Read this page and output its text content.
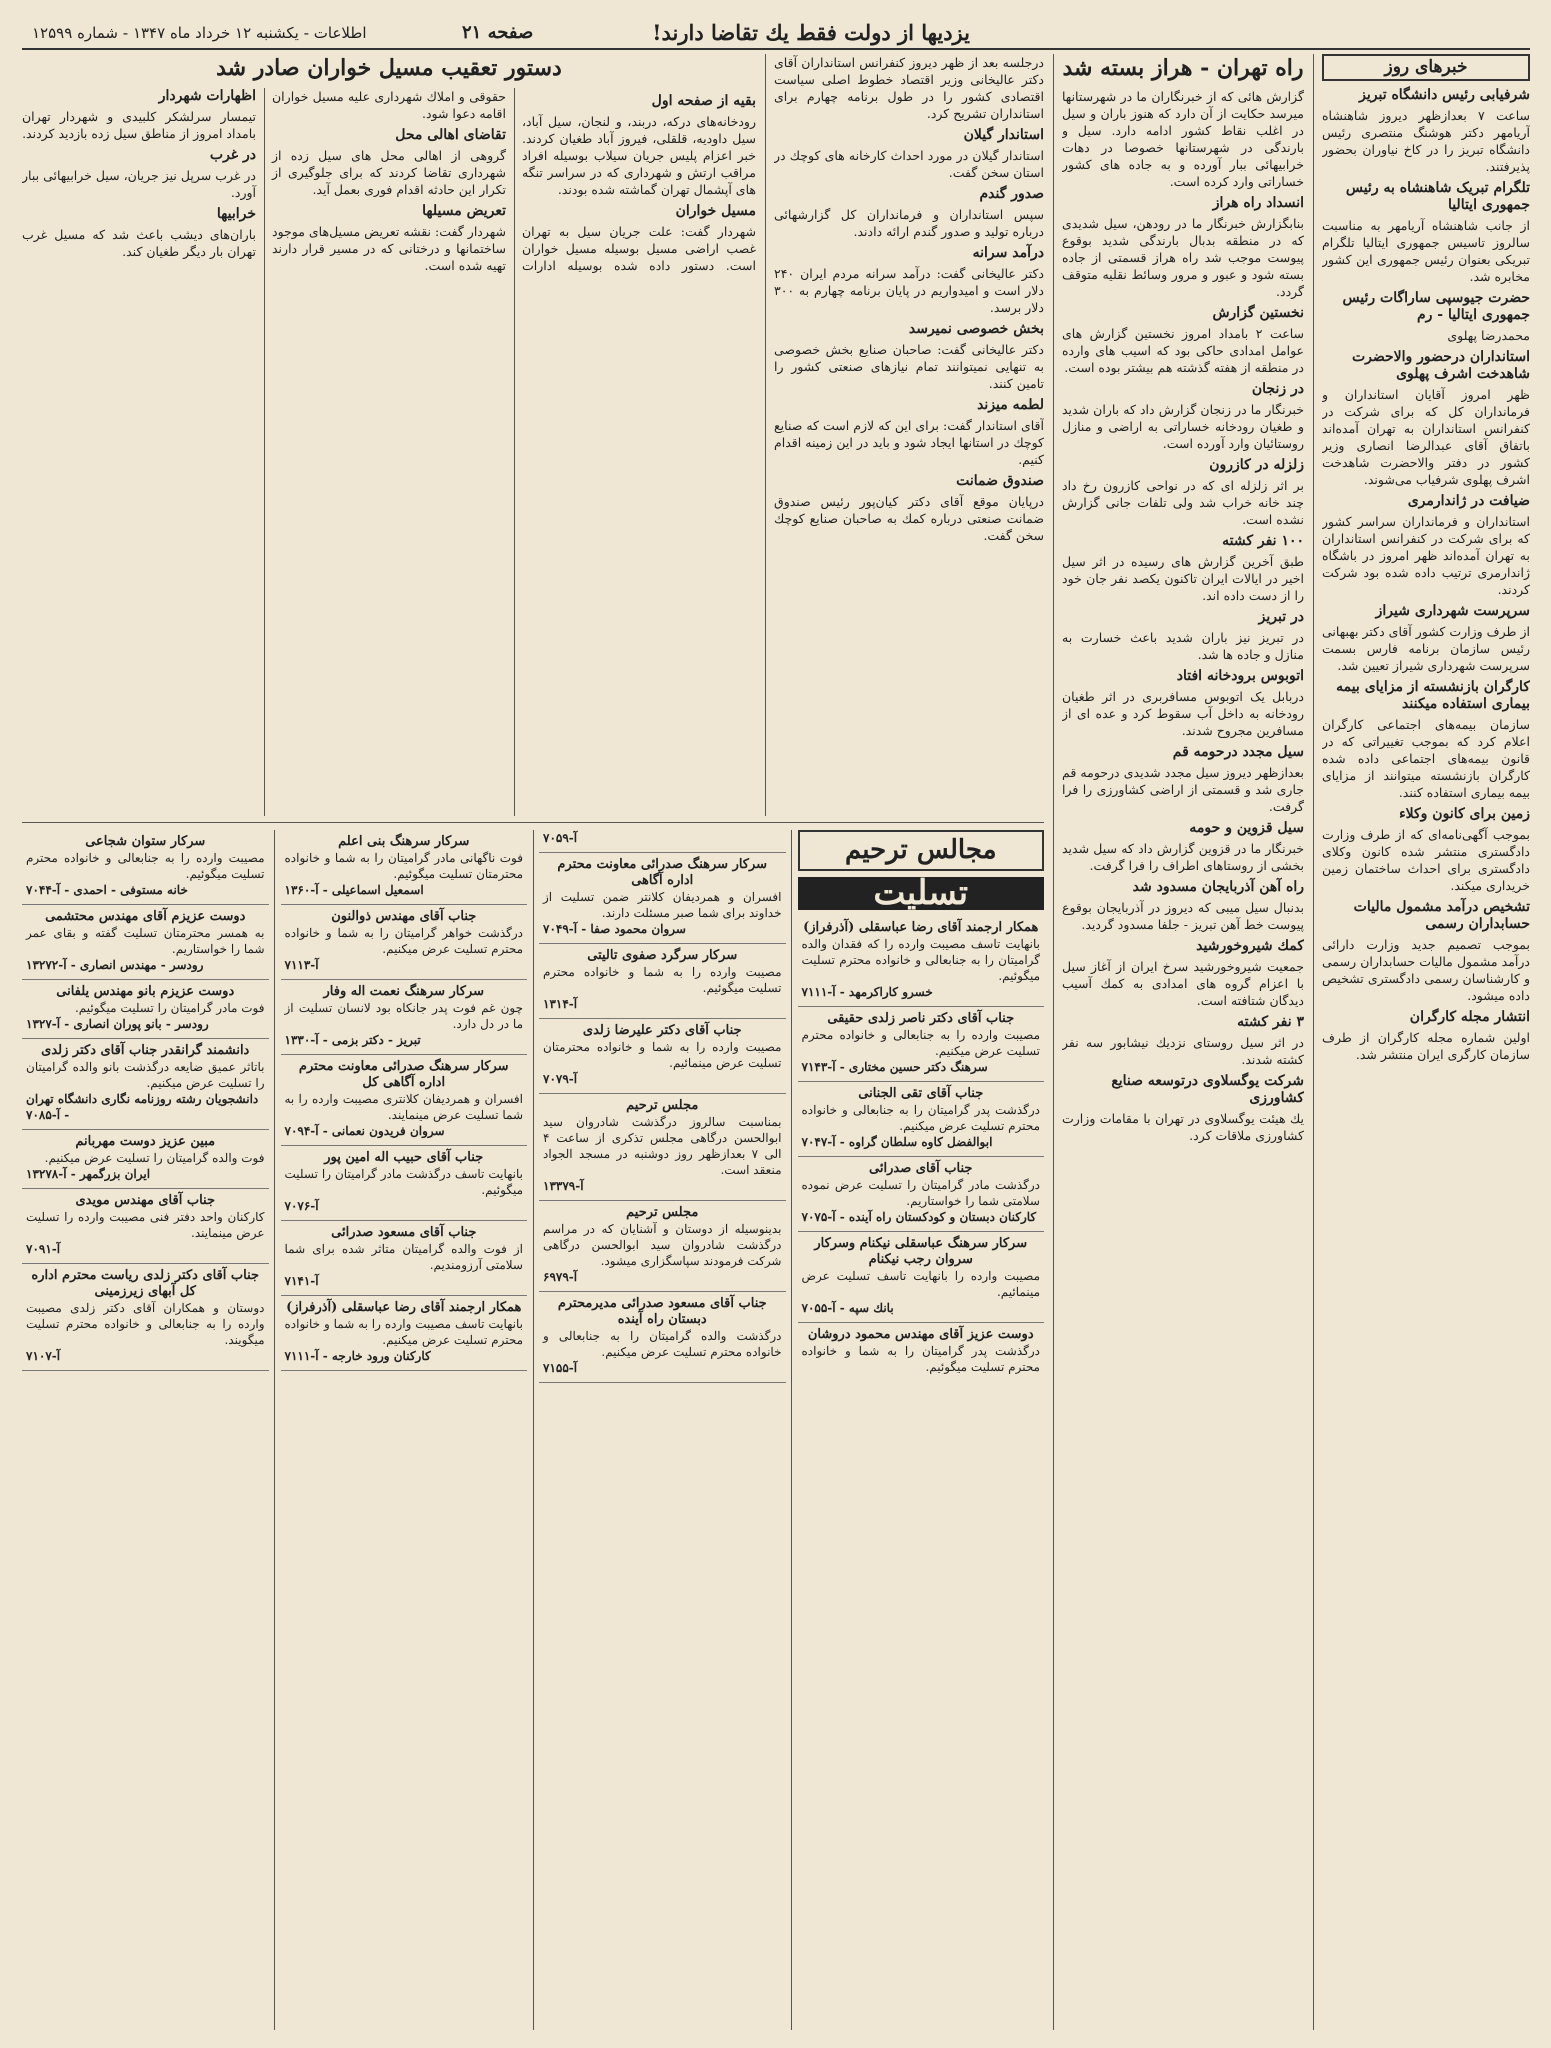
اطلاعات - یکشنبه ۱۲ خرداد ماه ۱۳۴۷ - شماره ۱۲۵۹۹	صفحه ۲۱	یزدیها از دولت فقط یك تقاضا دارند!
خبرهای روز
شرفیابی رئیس دانشگاه تبریز

ساعت ۷ بعدازظهر دیروز شاهنشاه آریامهر دکتر هوشنگ منتصری رئیس دانشگاه تبریز را در کاخ نیاوران بحضور پذیرفتند.

تلگرام تبریک شاهنشاه به رئیس جمهوری ایتالیا

از جانب شاهنشاه آریامهر به مناسبت سالروز تاسیس جمهوری ایتالیا تلگرام تبریکی بعنوان رئیس جمهوری این کشور مخابره شد.

حضرت جیوسپی ساراگات رئیس جمهوری ایتالیا - رم

محمدرضا پهلوی

استانداران درحضور والاحضرت شاهدخت اشرف پهلوی

ظهر امروز آقایان استانداران و فرمانداران کل که برای شرکت در کنفرانس استانداران به تهران آمده‌اند باتفاق آقای عبدالرضا انصاری وزیر کشور در دفتر والاحضرت شاهدخت اشرف پهلوی شرفیاب می‌شوند.

ضیافت در ژاندارمری

استانداران و فرمانداران سراسر کشور که برای شرکت در کنفرانس استانداران به تهران آمده‌اند ظهر امروز در باشگاه ژاندارمری ترتیب داده شده بود شرکت کردند.

سرپرست شهرداری شیراز

از طرف وزارت کشور آقای دکتر بهبهانی رئیس سازمان برنامه فارس بسمت سرپرست شهرداری شیراز تعیین شد.

کارگران بازنشسته از مزایای بیمه بیماری استفاده میکنند

سازمان بیمه‌های اجتماعی کارگران اعلام کرد که بموجب تغییراتی که در قانون بیمه‌های اجتماعی داده شده کارگران بازنشسته میتوانند از مزایای بیمه بیماری استفاده کنند.

زمین برای کانون وکلاء

بموجب آگهی‌نامه‌ای که از طرف وزارت دادگستری منتشر شده کانون وکلای دادگستری برای احداث ساختمان زمین خریداری میکند.

تشخیص درآمد مشمول مالیات حسابداران رسمی

بموجب تصمیم جدید وزارت دارائی درآمد مشمول مالیات حسابداران رسمی و کارشناسان رسمی دادگستری تشخیص داده میشود.

انتشار مجله کارگران

اولین شماره مجله کارگران از طرف سازمان کارگری ایران منتشر شد.

راه تهران - هراز بسته شد

گزارش هائی که از خبرنگاران ما در شهرستانها میرسد حکایت از آن دارد که هنوز باران و سیل در اغلب نقاط کشور ادامه دارد. سیل و بارندگی در شهرستانها خصوصا در دهات خرابیهائی ببار آورده و به جاده های کشور خساراتی وارد کرده است.

انسداد راه هراز

بنابگزارش خبرنگار ما در رودهن، سیل شدیدی که در منطقه بدبال بارندگی شدید بوقوع پیوست موجب شد راه هراز قسمتی از جاده بسته شود و عبور و مرور وسائط نقلیه متوقف گردد.

نخستین گزارش

ساعت ۲ بامداد امروز نخستین گزارش های عوامل امدادی حاکی بود که اسیب های وارده در منطقه از هفته گذشته هم بیشتر بوده است.

در زنجان

خبرنگار ما در زنجان گزارش داد که باران شدید و طغیان رودخانه خساراتی به اراضی و منازل روستائیان وارد آورده است.

زلزله در کازرون

بر اثر زلزله ای که در نواحی کازرون رخ داد چند خانه خراب شد ولی تلفات جانی گزارش نشده است.

۱۰۰ نفر کشته

طبق آخرین گزارش های رسیده در اثر سیل اخیر در ایالات ایران تاکنون یکصد نفر جان خود را از دست داده اند.

در تبریز

در تبریز نیز باران شدید باعث خسارت به منازل و جاده ها شد.

اتوبوس برودخانه افتاد

دربابل یک اتوبوس مسافربری در اثر طغیان رودخانه به داخل آب سقوط کرد و عده ای از مسافرین مجروح شدند.

سیل مجدد درحومه قم

بعدازظهر دیروز سیل مجدد شدیدی درحومه قم جاری شد و قسمتی از اراضی کشاورزی را فرا گرفت.

سیل قزوین و حومه

خبرنگار ما در قزوین گزارش داد که سیل شدید بخشی از روستاهای اطراف را فرا گرفت.

راه آهن آذربایجان مسدود شد

بدنبال سیل میبی که دیروز در آذربایجان بوقوع پیوست خط آهن تبریز - جلفا مسدود گردید.

کمك شیروخورشید

جمعیت شیروخورشید سرخ ایران از آغاز سیل با اعزام گروه های امدادی به کمك آسیب دیدگان شتافته است.

۳ نفر کشته

در اثر سیل روستای نزدیك نیشابور سه نفر کشته شدند.

شرکت یوگسلاوی درتوسعه صنایع کشاورزی

یك هیئت یوگسلاوی در تهران با مقامات وزارت کشاورزی ملاقات کرد.

درجلسه بعد از ظهر دیروز کنفرانس استانداران آقای دکتر عالیخانی وزیر اقتصاد خطوط اصلی سیاست اقتصادی کشور را در طول برنامه چهارم برای استانداران تشریح کرد.

استاندار گیلان

استاندار گیلان در مورد احداث کارخانه های کوچك در استان سخن گفت.

صدور گندم

سپس استانداران و فرمانداران کل گزارشهائی درباره تولید و صدور گندم ارائه دادند.

درآمد سرانه

دکتر عالیخانی گفت: درآمد سرانه مردم ایران ۲۴۰ دلار است و امیدواریم در پایان برنامه چهارم به ۳۰۰ دلار برسد.

بخش خصوصی نمیرسد

دکتر عالیخانی گفت: صاحبان صنایع بخش خصوصی به تنهایی نمیتوانند تمام نیازهای صنعتی کشور را تامین کنند.

لطمه میزند

آقای استاندار گفت: برای این که لازم است که صنایع کوچك در استانها ایجاد شود و باید در این زمینه اقدام کنیم.

صندوق ضمانت

درپایان موقع آقای دکتر کیان‌پور رئیس صندوق ضمانت صنعتی درباره کمك به صاحبان صنایع کوچك سخن گفت.

دستور تعقیب مسیل خواران صادر شد
بقیه از صفحه اول

رودخانه‌های درکه، دربند، و لنجان، سیل آباد، سیل داودیه، قلقلی، فیروز آباد طغیان کردند. خبر اعزام پلیس جریان سیلاب بوسیله افراد مراقب ارتش و شهرداری که در سراسر تنگه های آپشمال تهران گماشته شده بودند.

مسیل خواران

شهردار گفت: علت جریان سیل به تهران غصب اراضی مسیل بوسیله مسیل خواران است. دستور داده شده بوسیله ادارات حقوقی و املاك شهرداری علیه مسیل خواران اقامه دعوا شود.

تقاضای اهالی محل

گروهی از اهالی محل های سیل زده از شهرداری تقاضا کردند که برای جلوگیری از تکرار این حادثه اقدام فوری بعمل آید.

تعریض مسیلها

شهردار گفت: نقشه تعریض مسیل‌های موجود ساختمانها و درختانی که در مسیر قرار دارند تهیه شده است.

اظهارات شهردار

تیمسار سرلشکر کلبیدی و شهردار تهران بامداد امروز از مناطق سیل زده بازدید کردند.

در غرب

در غرب سرپل نیز جریان، سیل خرابیهائی ببار آورد.

خرابیها

باران‌های دیشب باعث شد که مسیل غرب تهران بار دیگر طغیان کند.

مجالس ترحیم
تسلیت
همکار ارجمند آقای رضا عباسقلی (آذرفراز)
بانهایت تاسف مصیبت وارده را که فقدان والده گرامیتان را به جنابعالی و خانواده محترم تسلیت میگوئیم.
خسرو کاراکرمهد - آ-۷۱۱۱
جناب آقای دکتر ناصر زلدی حقیقی
مصیبت وارده را به جنابعالی و خانواده محترم تسلیت عرض میکنیم.
سرهنگ دکتر حسین مختاری - آ-۷۱۴۳
جناب آقای تقی الجنانی
درگذشت پدر گرامیتان را به جنابعالی و خانواده محترم تسلیت عرض میکنیم.
ابوالفضل کاوه سلطان گراوه - آ-۷۰۴۷
جناب آقای صدرائی
درگذشت مادر گرامیتان را تسلیت عرض نموده سلامتی شما را خواستاریم.
کارکنان دبستان و کودکستان راه آینده - آ-۷۰۷۵
سرکار سرهنگ عباسقلی نیکنام وسرکار سروان رجب نیکنام
مصیبت وارده را بانهایت تاسف تسلیت عرض مینمائیم.
بانك سپه - آ-۷۰۵۵
دوست عزیز آقای مهندس محمود دروشان
درگذشت پدر گرامیتان را به شما و خانواده محترم تسلیت میگوئیم.
آ-۷۰۵۹
سرکار سرهنگ صدرائی معاونت محترم اداره آگاهی
افسران و همردیفان کلانتر ضمن تسلیت از خداوند برای شما صبر مسئلت دارند.
سروان محمود صفا - آ-۷۰۴۹
سرکار سرگرد صفوی تالیتی
مصیبت وارده را به شما و خانواده محترم تسلیت میگوئیم.
آ-۱۳۱۴
جناب آقای دکتر علیرضا زلدی
مصیبت وارده را به شما و خانواده محترمتان تسلیت عرض مینمائیم.
آ-۷۰۷۹
مجلس ترحیم
بمناسبت سالروز درگذشت شادروان سید ابوالحسن درگاهی مجلس تذکری از ساعت ۴ الی ۷ بعدازظهر روز دوشنبه در مسجد الجواد منعقد است.
آ-۱۳۳۷۹
مجلس ترحیم
بدینوسیله از دوستان و آشنایان که در مراسم درگذشت شادروان سید ابوالحسن درگاهی شرکت فرمودند سپاسگزاری میشود.
آ-۶۹۷۹
جناب آقای مسعود صدرائی مدیرمحترم دبستان راه آینده
درگذشت والده گرامیتان را به جنابعالی و خانواده محترم تسلیت عرض میکنیم.
آ-۷۱۵۵
سرکار سرهنگ بنی اعلم
فوت ناگهانی مادر گرامیتان را به شما و خانواده محترمتان تسلیت میگوئیم.
اسمعیل اسماعیلی - آ-۱۳۶۰
جناب آقای مهندس ذوالنون
درگذشت خواهر گرامیتان را به شما و خانواده محترم تسلیت عرض میکنیم.
آ-۷۱۱۳
سرکار سرهنگ نعمت اله وفار
چون غم فوت پدر جانکاه بود لانسان تسلیت از ما در دل دارد.
تبریز - دکتر بزمی - آ-۱۳۳۰
سرکار سرهنگ صدرائی معاونت محترم اداره آگاهی کل
افسران و همردیفان کلانتری مصیبت وارده را به شما تسلیت عرض مینمایند.
سروان فریدون نعمانی - آ-۷۰۹۴
جناب آقای حبیب اله امین پور
بانهایت تاسف درگذشت مادر گرامیتان را تسلیت میگوئیم.
آ-۷۰۷۶
جناب آقای مسعود صدرائی
از فوت والده گرامیتان متاثر شده برای شما سلامتی آرزومندیم.
آ-۷۱۴۱
همکار ارجمند آقای رضا عباسقلی (آذرفراز)
بانهایت تاسف مصیبت وارده را به شما و خانواده محترم تسلیت عرض میکنیم.
کارکنان ورود خارجه - آ-۷۱۱۱
سرکار ستوان شجاعی
مصیبت وارده را به جنابعالی و خانواده محترم تسلیت میگوئیم.
خانه مستوفی - احمدی - آ-۷۰۴۴
دوست عزیزم آقای مهندس محتشمی
به همسر محترمتان تسلیت گفته و بقای عمر شما را خواستاریم.
رودسر - مهندس انصاری - آ-۱۳۲۷۲
دوست عزیزم بانو مهندس یلفانی
فوت مادر گرامیتان را تسلیت میگوئیم.
رودسر - بانو پوران انصاری - آ-۱۳۲۷
دانشمند گرانقدر جناب آقای دکتر زلدی
باتاثر عمیق ضایعه درگذشت بانو والده گرامیتان را تسلیت عرض میکنیم.
دانشجویان رشته روزنامه نگاری دانشگاه تهران - آ-۷۰۸۵
مبین عزیز دوست مهربانم
فوت والده گرامیتان را تسلیت عرض میکنیم.
ایران بزرگمهر - آ-۱۳۲۷۸
جناب آقای مهندس مویدی
کارکنان واحد دفتر فنی مصیبت وارده را تسلیت عرض مینمایند.
آ-۷۰۹۱
جناب آقای دکتر زلدی ریاست محترم اداره کل آبهای زیرزمینی
دوستان و همکاران آقای دکتر زلدی مصیبت وارده را به جنابعالی و خانواده محترم تسلیت میگویند.
آ-۷۱۰۷
